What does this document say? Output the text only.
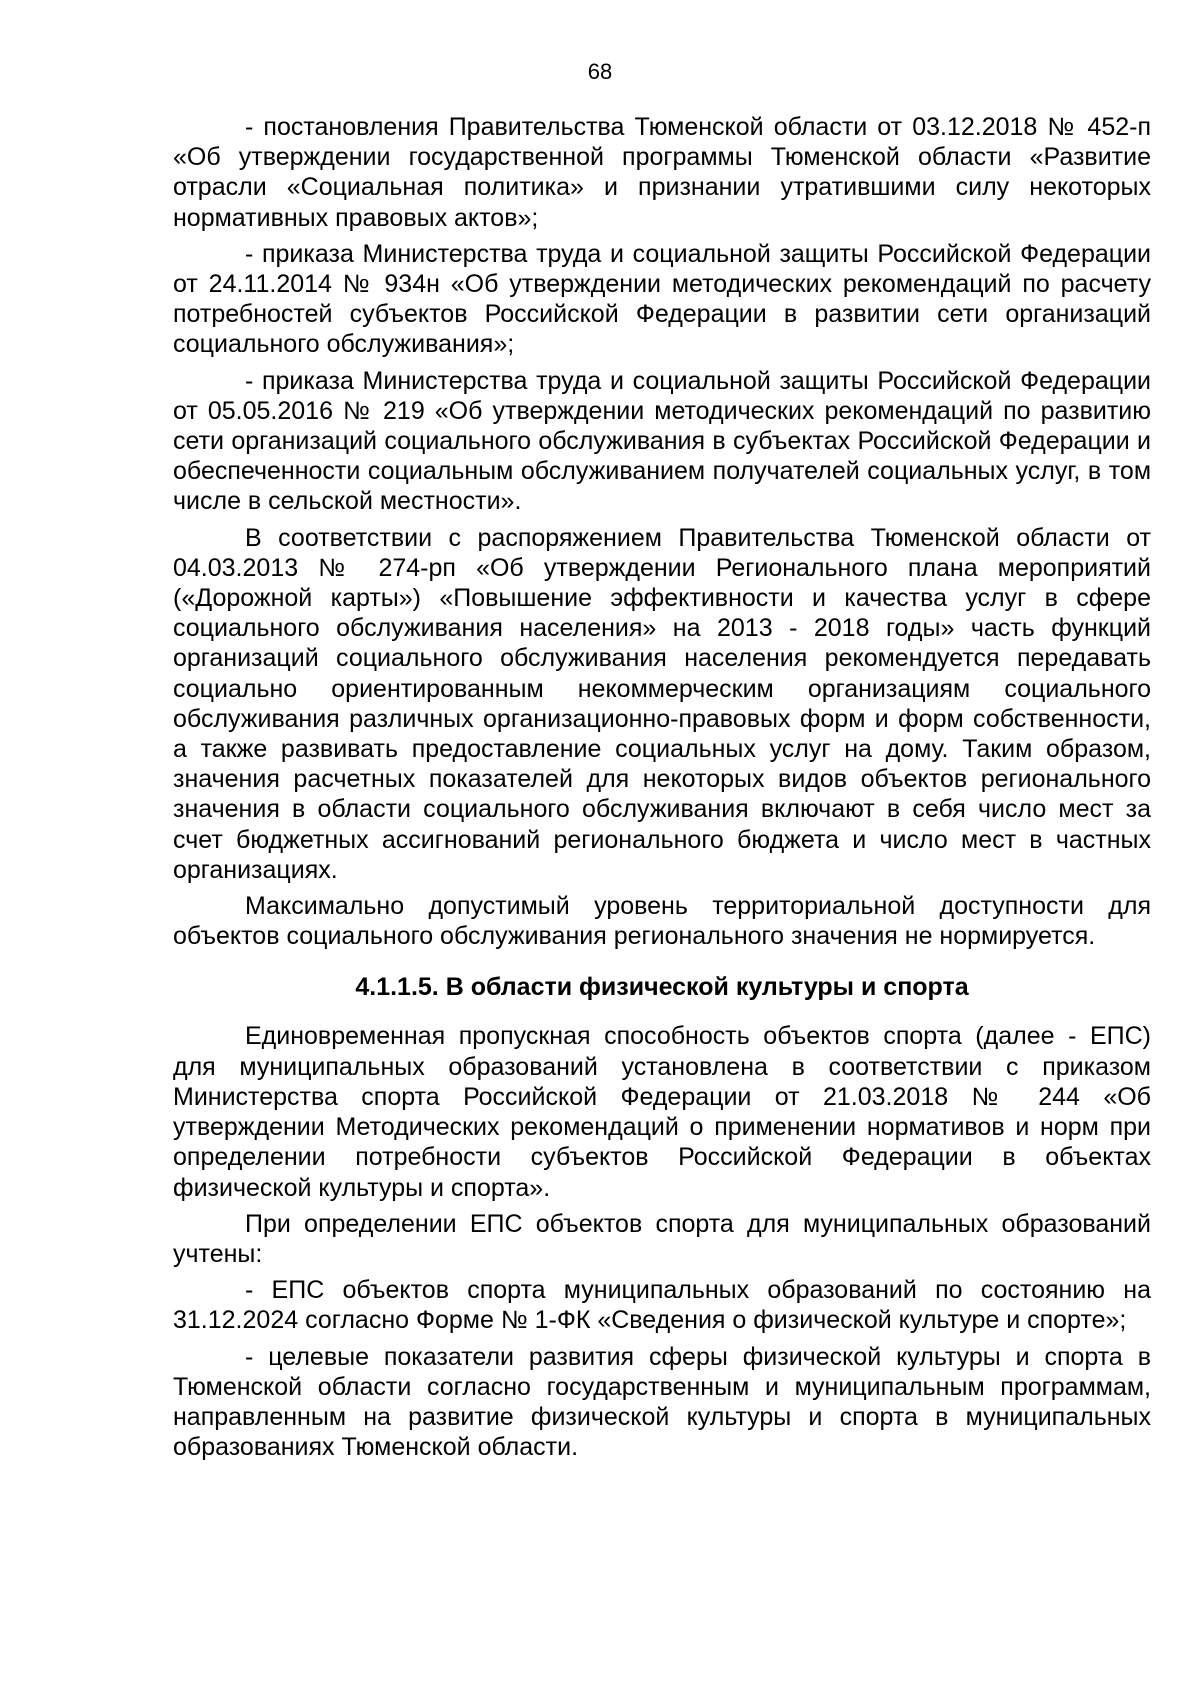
68

- постановления Правительства Тюменской области от 03.12.2018 № 452-п «Об утверждении государственной программы Тюменской области «Развитие отрасли «Социальная политика» и признании утратившими силу некоторых нормативных правовых актов»;

- приказа Министерства труда и социальной защиты Российской Федерации от 24.11.2014 № 934н «Об утверждении методических рекомендаций по расчету потребностей субъектов Российской Федерации в развитии сети организаций социального обслуживания»;

- приказа Министерства труда и социальной защиты Российской Федерации от 05.05.2016 № 219 «Об утверждении методических рекомендаций по развитию сети организаций социального обслуживания в субъектах Российской Федерации и обеспеченности социальным обслуживанием получателей социальных услуг, в том числе в сельской местности».

В соответствии с распоряжением Правительства Тюменской области от 04.03.2013 № 274-рп «Об утверждении Регионального плана мероприятий («Дорожной карты») «Повышение эффективности и качества услуг в сфере социального обслуживания населения» на 2013 - 2018 годы» часть функций организаций социального обслуживания населения рекомендуется передавать социально ориентированным некоммерческим организациям социального обслуживания различных организационно-правовых форм и форм собственности, а также развивать предоставление социальных услуг на дому. Таким образом, значения расчетных показателей для некоторых видов объектов регионального значения в области социального обслуживания включают в себя число мест за счет бюджетных ассигнований регионального бюджета и число мест в частных организациях.

Максимально допустимый уровень территориальной доступности для объектов социального обслуживания регионального значения не нормируется.

4.1.1.5. В области физической культуры и спорта

Единовременная пропускная способность объектов спорта (далее - ЕПС) для муниципальных образований установлена в соответствии с приказом Министерства спорта Российской Федерации от 21.03.2018 № 244 «Об утверждении Методических рекомендаций о применении нормативов и норм при определении потребности субъектов Российской Федерации в объектах физической культуры и спорта».

При определении ЕПС объектов спорта для муниципальных образований учтены:

- ЕПС объектов спорта муниципальных образований по состоянию на 31.12.2024 согласно Форме № 1-ФК «Сведения о физической культуре и спорте»;

- целевые показатели развития сферы физической культуры и спорта в Тюменской области согласно государственным и муниципальным программам, направленным на развитие физической культуры и спорта в муниципальных образованиях Тюменской области.
